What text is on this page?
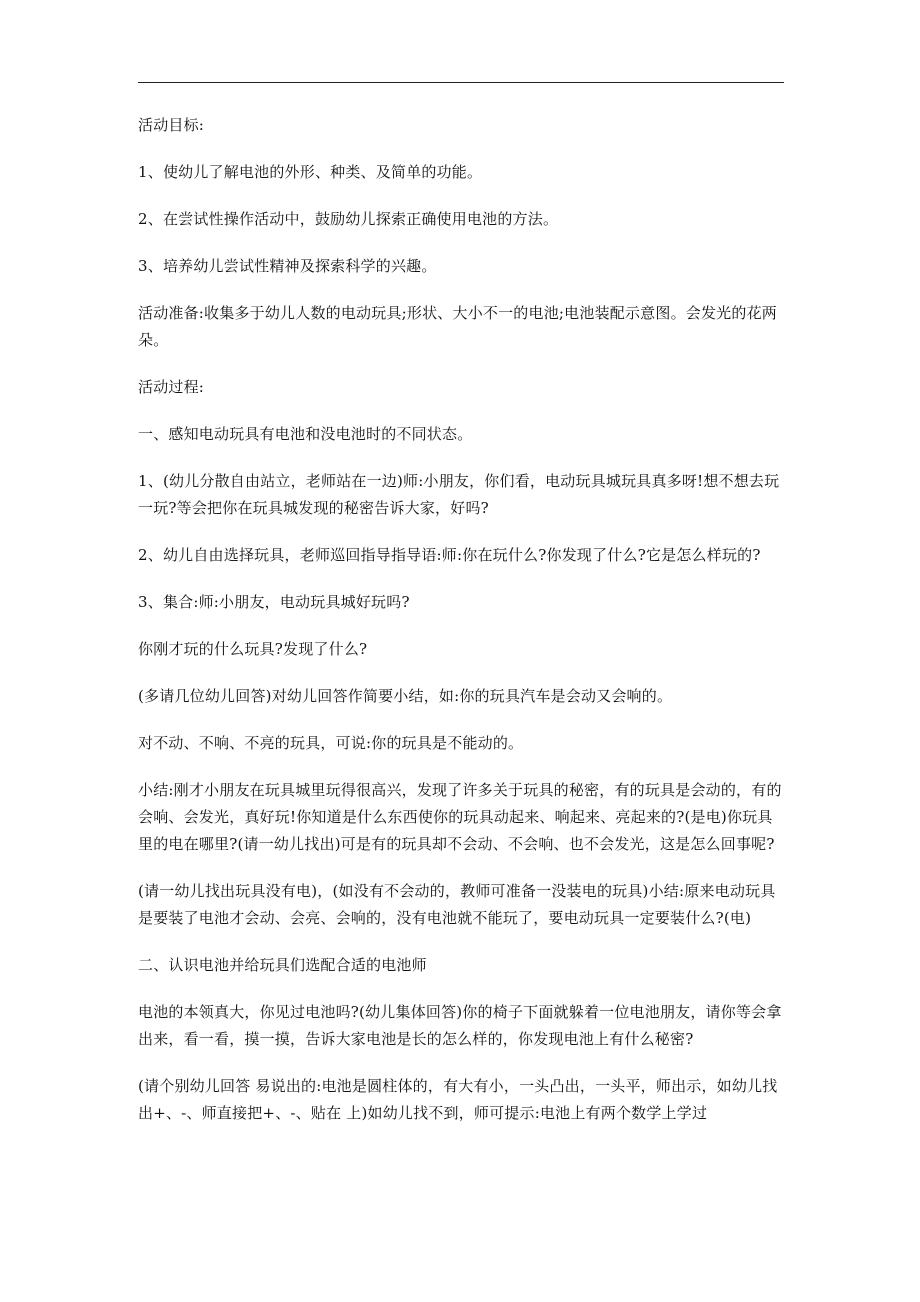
活动目标:

1、使幼儿了解电池的外形、种类、及简单的功能。

2、在尝试性操作活动中，鼓励幼儿探索正确使用电池的方法。

3、培养幼儿尝试性精神及探索科学的兴趣。

活动准备:收集多于幼儿人数的电动玩具;形状、大小不一的电池;电池装配示意图。会发光的花两朵。

活动过程:

一、感知电动玩具有电池和没电池时的不同状态。

1、(幼儿分散自由站立，老师站在一边)师:小朋友，你们看，电动玩具城玩具真多呀!想不想去玩一玩?等会把你在玩具城发现的秘密告诉大家，好吗?

2、幼儿自由选择玩具，老师巡回指导指导语:师:你在玩什么?你发现了什么?它是怎么样玩的?

3、集合:师:小朋友，电动玩具城好玩吗?

你刚才玩的什么玩具?发现了什么?

(多请几位幼儿回答)对幼儿回答作简要小结，如:你的玩具汽车是会动又会响的。

对不动、不响、不亮的玩具，可说:你的玩具是不能动的。

小结:刚才小朋友在玩具城里玩得很高兴，发现了许多关于玩具的秘密，有的玩具是会动的，有的会响、会发光，真好玩!你知道是什么东西使你的玩具动起来、响起来、亮起来的?(是电)你玩具里的电在哪里?(请一幼儿找出)可是有的玩具却不会动、不会响、也不会发光，这是怎么回事呢?

(请一幼儿找出玩具没有电)，(如没有不会动的，教师可准备一没装电的玩具)小结:原来电动玩具是要装了电池才会动、会亮、会响的，没有电池就不能玩了，要电动玩具一定要装什么?(电)

二、认识电池并给玩具们选配合适的电池师

电池的本领真大，你见过电池吗?(幼儿集体回答)你的椅子下面就躲着一位电池朋友，请你等会拿出来，看一看，摸一摸，告诉大家电池是长的怎么样的，你发现电池上有什么秘密?

(请个别幼儿回答 易说出的:电池是圆柱体的，有大有小，一头凸出，一头平，师出示，如幼儿找出+、-、师直接把+、-、贴在 上)如幼儿找不到，师可提示:电池上有两个数学上学过
